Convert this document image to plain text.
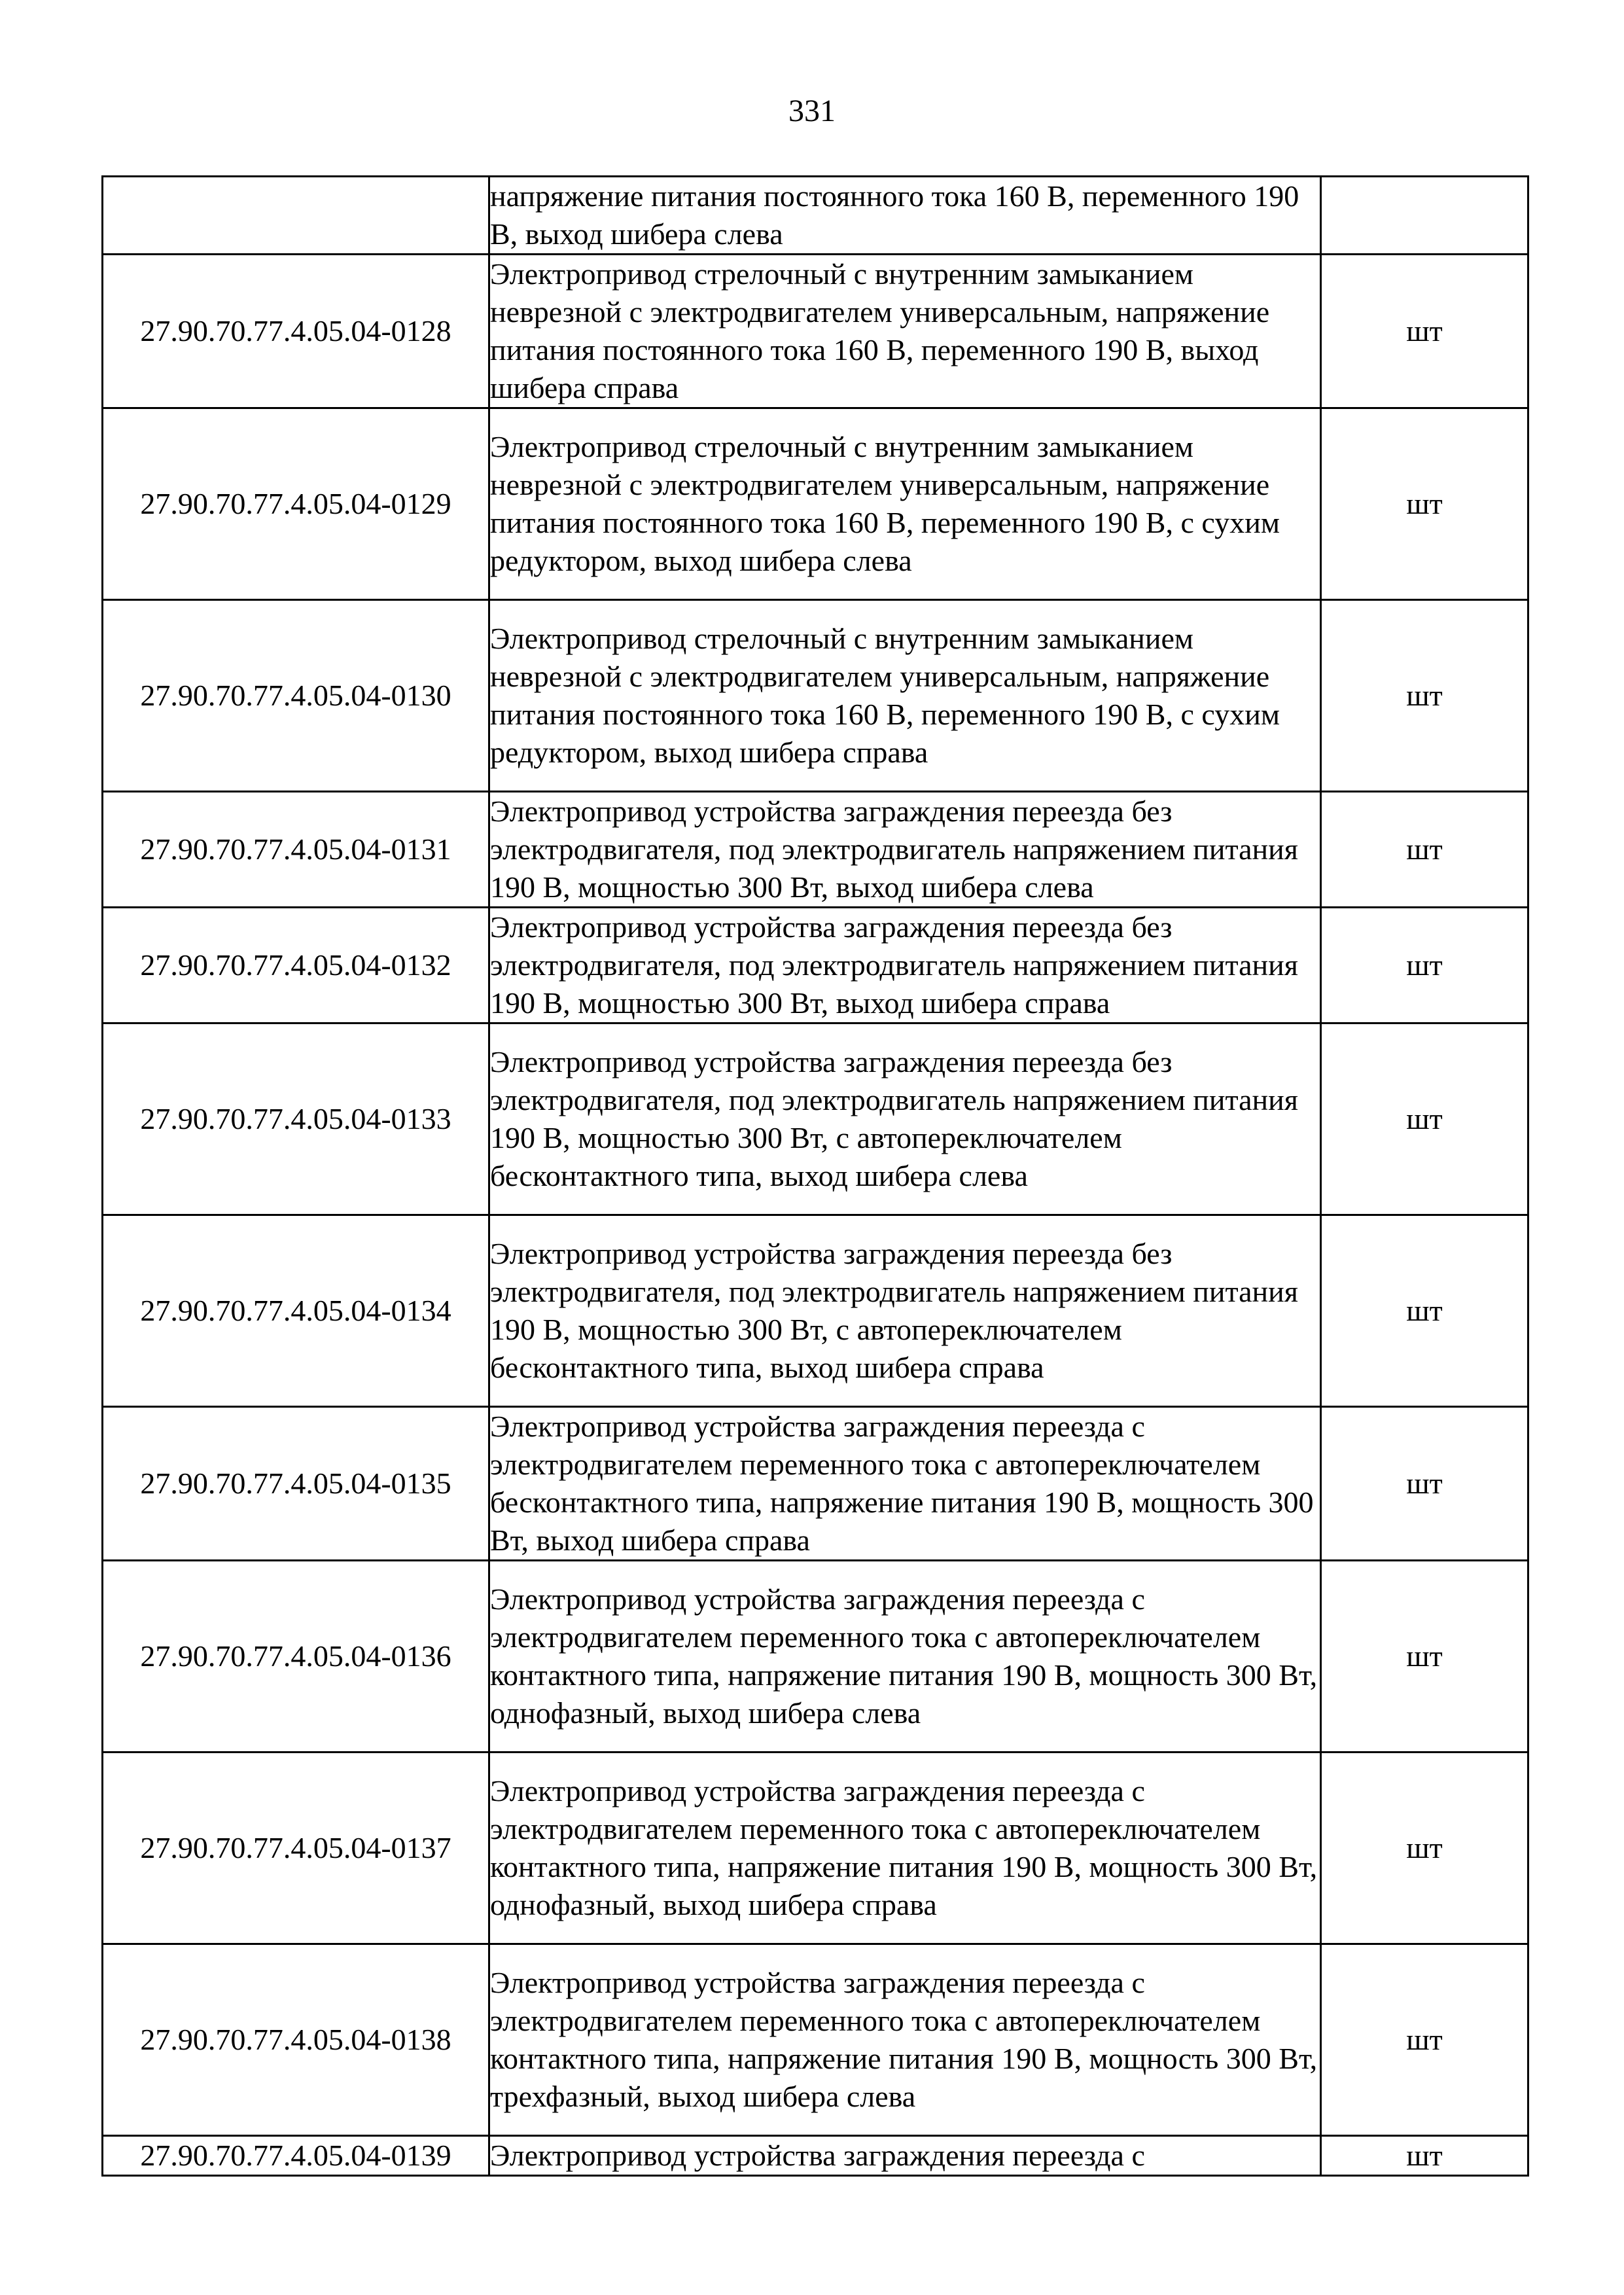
331
	напряжение питания постоянного тока 160 В, переменного 190 В, выход шибера слева	
27.90.70.77.4.05.04-0128	Электропривод стрелочный с внутренним замыканием неврезной с электродвигателем универсальным, напряжение питания постоянного тока 160 В, переменного 190 В, выход шибера справа	шт
27.90.70.77.4.05.04-0129	Электропривод стрелочный с внутренним замыканием неврезной с электродвигателем универсальным, напряжение питания постоянного тока 160 В, переменного 190 В, с сухим редуктором, выход шибера слева	шт
27.90.70.77.4.05.04-0130	Электропривод стрелочный с внутренним замыканием неврезной с электродвигателем универсальным, напряжение питания постоянного тока 160 В, переменного 190 В, с сухим редуктором, выход шибера справа	шт
27.90.70.77.4.05.04-0131	Электропривод устройства заграждения переезда без электродвигателя, под электродвигатель напряжением питания 190 В, мощностью 300 Вт, выход шибера слева	шт
27.90.70.77.4.05.04-0132	Электропривод устройства заграждения переезда без электродвигателя, под электродвигатель напряжением питания 190 В, мощностью 300 Вт, выход шибера справа	шт
27.90.70.77.4.05.04-0133	Электропривод устройства заграждения переезда без электродвигателя, под электродвигатель напряжением питания 190 В, мощностью 300 Вт, с автопереключателем бесконтактного типа, выход шибера слева	шт
27.90.70.77.4.05.04-0134	Электропривод устройства заграждения переезда без электродвигателя, под электродвигатель напряжением питания 190 В, мощностью 300 Вт, с автопереключателем бесконтактного типа, выход шибера справа	шт
27.90.70.77.4.05.04-0135	Электропривод устройства заграждения переезда с электродвигателем переменного тока с автопереключателем бесконтактного типа, напряжение питания 190 В, мощность 300 Вт, выход шибера справа	шт
27.90.70.77.4.05.04-0136	Электропривод устройства заграждения переезда с электродвигателем переменного тока с автопереключателем контактного типа, напряжение питания 190 В, мощность 300 Вт, однофазный, выход шибера слева	шт
27.90.70.77.4.05.04-0137	Электропривод устройства заграждения переезда с электродвигателем переменного тока с автопереключателем контактного типа, напряжение питания 190 В, мощность 300 Вт, однофазный, выход шибера справа	шт
27.90.70.77.4.05.04-0138	Электропривод устройства заграждения переезда с электродвигателем переменного тока с автопереключателем контактного типа, напряжение питания 190 В, мощность 300 Вт, трехфазный, выход шибера слева	шт
27.90.70.77.4.05.04-0139	Электропривод устройства заграждения переезда с	шт
